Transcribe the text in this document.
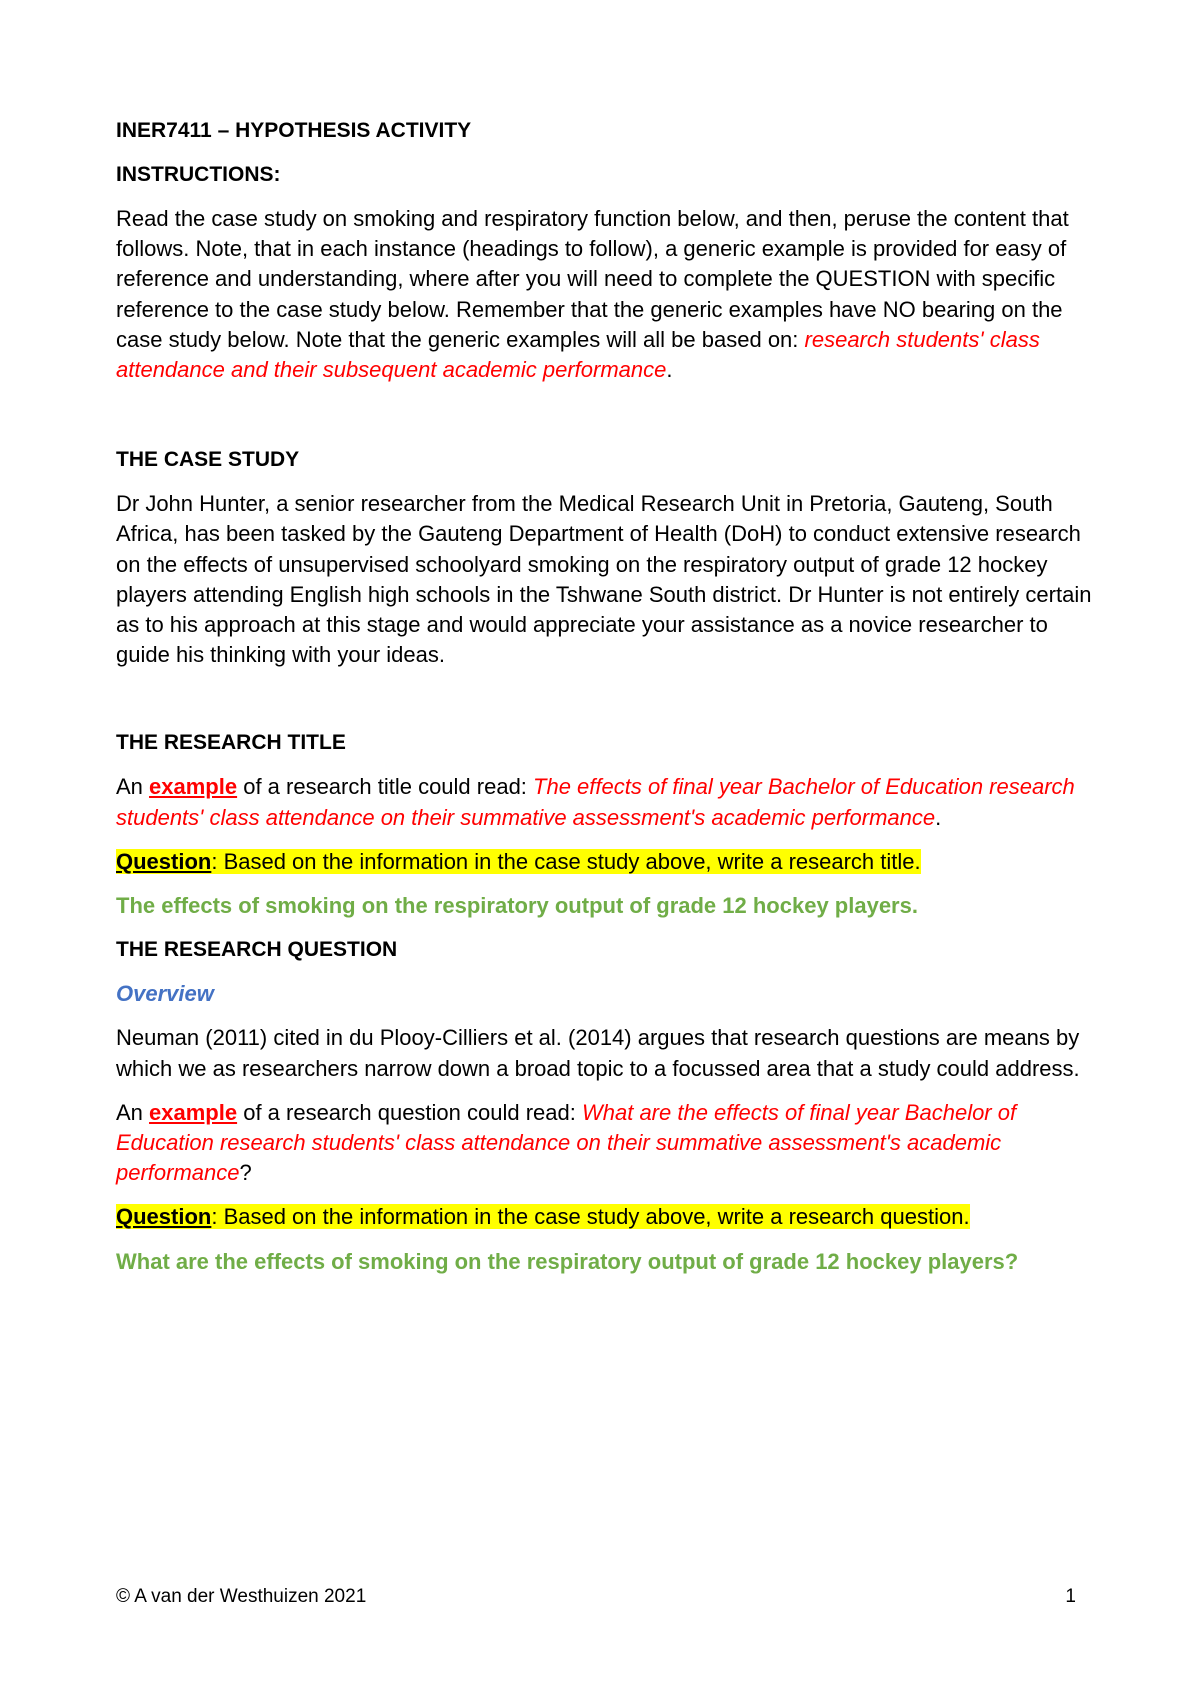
INER7411 – HYPOTHESIS ACTIVITY

INSTRUCTIONS:

Read the case study on smoking and respiratory function below, and then, peruse the content that follows. Note, that in each instance (headings to follow), a generic example is provided for easy of reference and understanding, where after you will need to complete the QUESTION with specific reference to the case study below. Remember that the generic examples have NO bearing on the case study below. Note that the generic examples will all be based on: research students' class attendance and their subsequent academic performance.

THE CASE STUDY

Dr John Hunter, a senior researcher from the Medical Research Unit in Pretoria, Gauteng, South Africa, has been tasked by the Gauteng Department of Health (DoH) to conduct extensive research on the effects of unsupervised schoolyard smoking on the respiratory output of grade 12 hockey players attending English high schools in the Tshwane South district. Dr Hunter is not entirely certain as to his approach at this stage and would appreciate your assistance as a novice researcher to guide his thinking with your ideas.

THE RESEARCH TITLE

An example of a research title could read: The effects of final year Bachelor of Education research students' class attendance on their summative assessment's academic performance.

Question: Based on the information in the case study above, write a research title.

The effects of smoking on the respiratory output of grade 12 hockey players.

THE RESEARCH QUESTION

Overview

Neuman (2011) cited in du Plooy-Cilliers et al. (2014) argues that research questions are means by which we as researchers narrow down a broad topic to a focussed area that a study could address.

An example of a research question could read: What are the effects of final year Bachelor of Education research students' class attendance on their summative assessment's academic performance?

Question: Based on the information in the case study above, write a research question.

What are the effects of smoking on the respiratory output of grade 12 hockey players?

© A van der Westhuizen 2021	1
